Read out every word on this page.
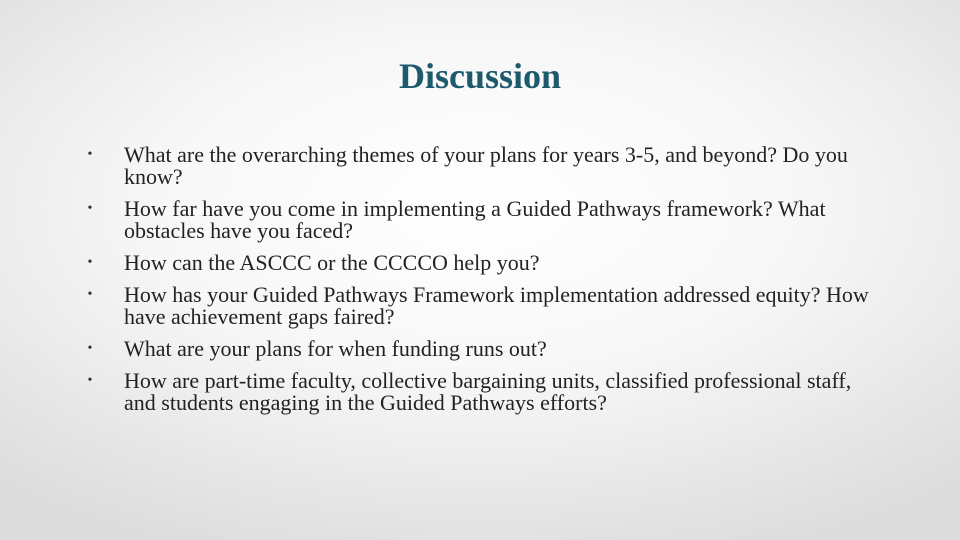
Discussion
• What are the overarching themes of your plans for years 3-5, and beyond? Do you know?
• How far have you come in implementing a Guided Pathways framework? What obstacles have you faced?
• How can the ASCCC or the CCCCO help you?
• How has your Guided Pathways Framework implementation addressed equity? How have achievement gaps faired?
• What are your plans for when funding runs out?
• How are part-time faculty, collective bargaining units, classified professional staff, and students engaging in the Guided Pathways efforts?
